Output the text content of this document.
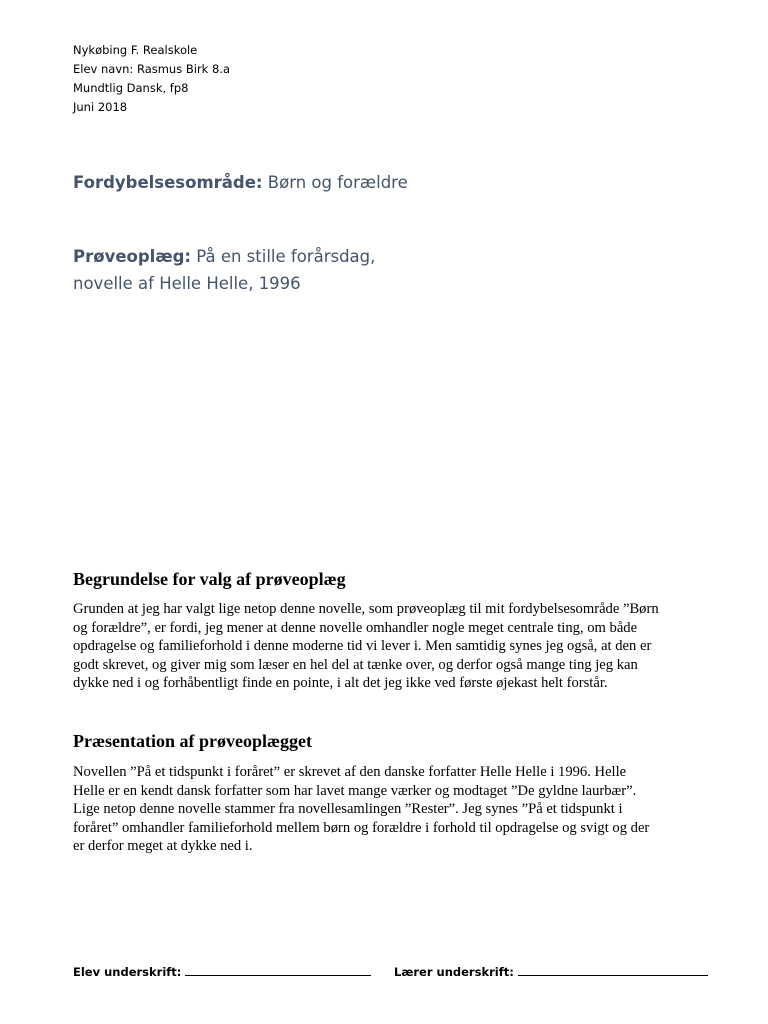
Nykøbing F. Realskole
Elev navn: Rasmus Birk 8.a
Mundtlig Dansk, fp8
Juni 2018
Fordybelsesområde: Børn og forældre
Prøveoplæg: På en stille forårsdag,
novelle af Helle Helle, 1996
Begrundelse for valg af prøveoplæg
Grunden at jeg har valgt lige netop denne novelle, som prøveoplæg til mit fordybelsesområde ”Børn
og forældre”, er fordi, jeg mener at denne novelle omhandler nogle meget centrale ting, om både
opdragelse og familieforhold i denne moderne tid vi lever i. Men samtidig synes jeg også, at den er
godt skrevet, og giver mig som læser en hel del at tænke over, og derfor også mange ting jeg kan
dykke ned i og forhåbentligt finde en pointe, i alt det jeg ikke ved første øjekast helt forstår.
Præsentation af prøveoplægget
Novellen ”På et tidspunkt i foråret” er skrevet af den danske forfatter Helle Helle i 1996. Helle
Helle er en kendt dansk forfatter som har lavet mange værker og modtaget ”De gyldne laurbær”.
Lige netop denne novelle stammer fra novellesamlingen ”Rester”. Jeg synes ”På et tidspunkt i
foråret” omhandler familieforhold mellem børn og forældre i forhold til opdragelse og svigt og der
er derfor meget at dykke ned i.
Elev underskrift:	Lærer underskrift:
